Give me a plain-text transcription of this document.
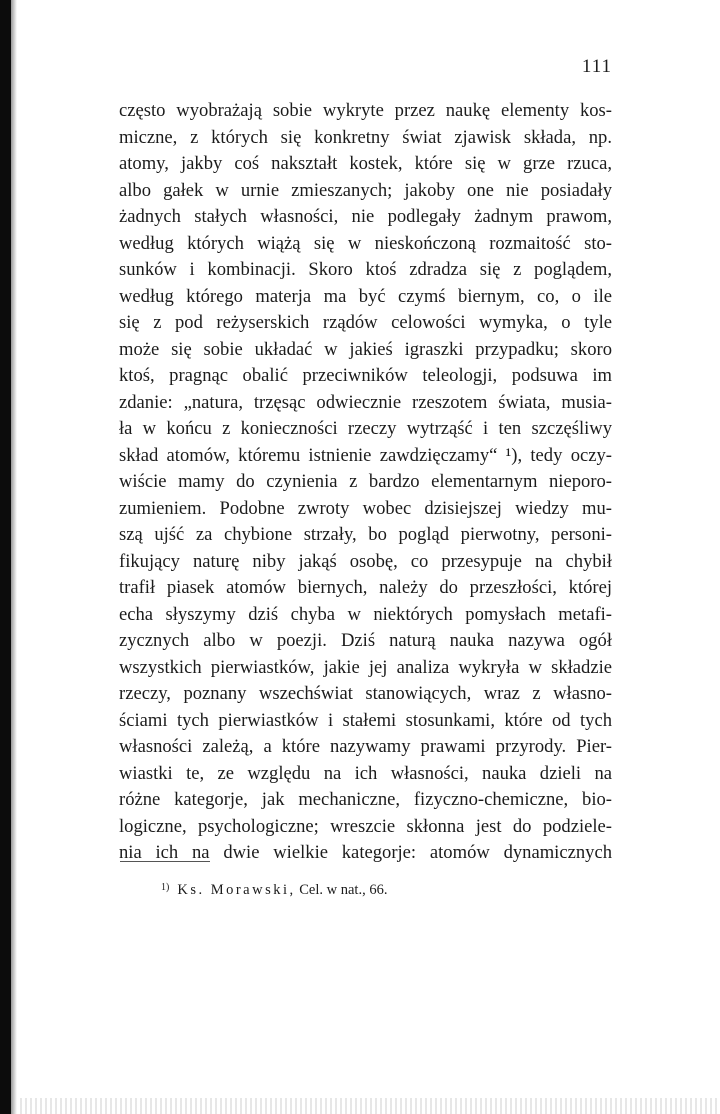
111
często wyobrażają sobie wykryte przez naukę elementy kos-
miczne, z których się konkretny świat zjawisk składa, np.
atomy, jakby coś nakształt kostek, które się w grze rzuca,
albo gałek w urnie zmieszanych; jakoby one nie posiadały
żadnych stałych własności, nie podlegały żadnym prawom,
według których wiążą się w nieskończoną rozmaitość sto-
sunków i kombinacji. Skoro ktoś zdradza się z poglądem,
według którego materja ma być czymś biernym, co, o ile
się z pod reżyserskich rządów celowości wymyka, o tyle
może się sobie układać w jakieś igraszki przypadku; skoro
ktoś, pragnąc obalić przeciwników teleologji, podsuwa im
zdanie: „natura, trzęsąc odwiecznie rzeszotem świata, musia-
ła w końcu z konieczności rzeczy wytrząść i ten szczęśliwy
skład atomów, któremu istnienie zawdzięczamy“ ¹), tedy oczy-
wiście mamy do czynienia z bardzo elementarnym nieporo-
zumieniem. Podobne zwroty wobec dzisiejszej wiedzy mu-
szą ujść za chybione strzały, bo pogląd pierwotny, personi-
fikujący naturę niby jakąś osobę, co przesypuje na chybił
trafił piasek atomów biernych, należy do przeszłości, której
echa słyszymy dziś chyba w niektórych pomysłach metafi-
zycznych albo w poezji. Dziś naturą nauka nazywa ogół
wszystkich pierwiastków, jakie jej analiza wykryła w składzie
rzeczy, poznany wszechświat stanowiących, wraz z własno-
ściami tych pierwiastków i stałemi stosunkami, które od tych
własności zależą, a które nazywamy prawami przyrody. Pier-
wiastki te, ze względu na ich własności, nauka dzieli na
różne kategorje, jak mechaniczne, fizyczno-chemiczne, bio-
logiczne, psychologiczne; wreszcie skłonna jest do podziele-
nia ich na dwie wielkie kategorje: atomów dynamicznych
$^{1)}$ Ks. Morawski, Cel. w nat., 66.
